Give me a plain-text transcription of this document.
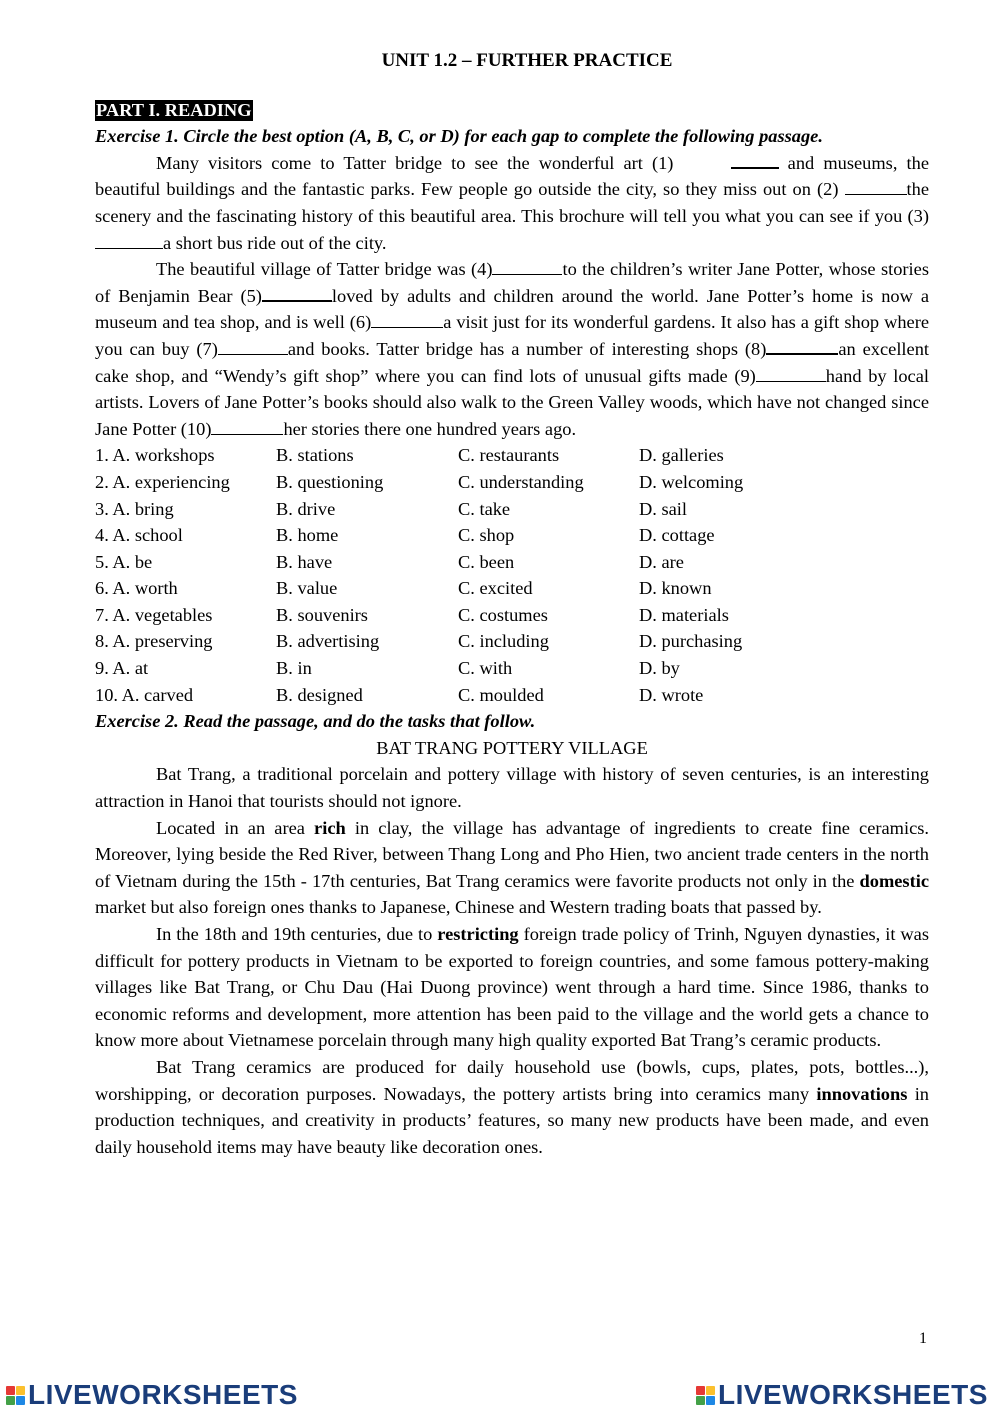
UNIT 1.2 – FURTHER PRACTICE
PART I. READING
Exercise 1. Circle the best option (A, B, C, or D) for each gap to complete the following passage.

Many visitors come to Tatter bridge to see the wonderful art (1)	and museums, the beautiful buildings and the fantastic parks. Few people go outside the city, so they miss out on (2)	the scenery and the fascinating history of this beautiful area. This brochure will tell you what you can see if you (3)a short bus ride out of the city.

The beautiful village of Tatter bridge was (4)	to the children’s writer Jane Potter, whose stories of Benjamin Bear (5)	loved by adults and children around the world. Jane Potter’s home is now a museum and tea shop, and is well (6)	a visit just for its wonderful gardens. It also has a gift shop where you can buy (7)	and books. Tatter bridge has a number of interesting shops (8)	an excellent cake shop, and “Wendy’s gift shop” where you can find lots of unusual gifts made (9)	hand by local artists. Lovers of Jane Potter’s books should also walk to the Green Valley woods, which have not changed since Jane Potter (10)	her stories there one hundred years ago.

1. A. workshops	B. stations	C. restaurants	D. galleries
2. A. experiencing	B. questioning	C. understanding	D. welcoming
3. A. bring	B. drive	C. take	D. sail
4. A. school	B. home	C. shop	D. cottage
5. A. be	B. have	C. been	D. are
6. A. worth	B. value	C. excited	D. known
7. A. vegetables	B. souvenirs	C. costumes	D. materials
8. A. preserving	B. advertising	C. including	D. purchasing
9. A. at	B. in	C. with	D. by
10. A. carved	B. designed	C. moulded	D. wrote
Exercise 2. Read the passage, and do the tasks that follow.
BAT TRANG POTTERY VILLAGE

Bat Trang, a traditional porcelain and pottery village with history of seven centuries, is an interesting attraction in Hanoi that tourists should not ignore.

Located in an area rich in clay, the village has advantage of ingredients to create fine ceramics. Moreover, lying beside the Red River, between Thang Long and Pho Hien, two ancient trade centers in the north of Vietnam during the 15th - 17th centuries, Bat Trang ceramics were favorite products not only in the domestic market but also foreign ones thanks to Japanese, Chinese and Western trading boats that passed by.

In the 18th and 19th centuries, due to restricting foreign trade policy of Trinh, Nguyen dynasties, it was difficult for pottery products in Vietnam to be exported to foreign countries, and some famous pottery-making villages like Bat Trang, or Chu Dau (Hai Duong province) went through a hard time. Since 1986, thanks to economic reforms and development, more attention has been paid to the village and the world gets a chance to know more about Vietnamese porcelain through many high quality exported Bat Trang’s ceramic products.

Bat Trang ceramics are produced for daily household use (bowls, cups, plates, pots, bottles...), worshipping, or decoration purposes. Nowadays, the pottery artists bring into ceramics many innovations in production techniques, and creativity in products’ features, so many new products have been made, and even daily household items may have beauty like decoration ones.

1
LIVEWORKSHEETS	LIVEWORKSHEETS
